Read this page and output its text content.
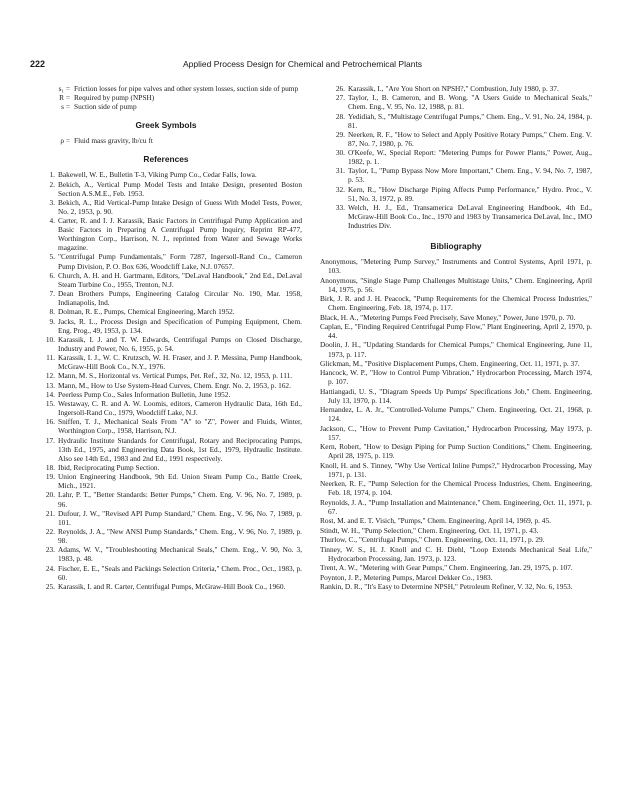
222	Applied Process Design for Chemical and Petrochemical Plants
s₁ = Friction losses for pipe valves and other system losses, suction side of pump
R = Required by pump (NPSH)
s = Suction side of pump
Greek Symbols
ρ = Fluid mass gravity, lb/cu ft
References
1. Bakewell, W. E., Bulletin T-3, Viking Pump Co., Cedar Falls, Iowa.
2. Bekich, A., Vertical Pump Model Tests and Intake Design, presented Boston Section A.S.M.E., Feb. 1953.
3. Bekich, A., Rid Vertical-Pump Intake Design of Guess With Model Tests, Power, No. 2, 1953, p. 90.
4. Carter, R. and I. J. Karassik, Basic Factors in Centrifugal Pump Application and Basic Factors in Preparing A Centrifugal Pump Inquiry, Reprint RP-477, Worthington Corp., Harrison, N. J., reprinted from Water and Sewage Works magazine.
5. "Centrifugal Pump Fundamentals," Form 7287, Ingersoll-Rand Co., Cameron Pump Division, P. O. Box 636, Woodcliff Lake, N.J. 07657.
6. Church, A. H. and H. Gartmann, Editors, "DeLaval Handbook," 2nd Ed., DeLaval Steam Turbine Co., 1955, Trenton, N.J.
7. Dean Brothers Pumps, Engineering Catalog Circular No. 190, Mar. 1958, Indianapolis, Ind.
8. Dolman, R. E., Pumps, Chemical Engineering, March 1952.
9. Jacks, R. L., Process Design and Specification of Pumping Equipment, Chem. Eng. Prog., 49, 1953, p. 134.
10. Karassik, I. J. and T. W. Edwards, Centrifugal Pumps on Closed Discharge, Industry and Power, No. 6, 1955, p. 54.
11. Karassik, I. J., W. C. Krutzsch, W. H. Fraser, and J. P. Messina, Pump Handbook, McGraw-Hill Book Co., N.Y., 1976.
12. Mann, M. S., Horizontal vs. Vertical Pumps, Pet. Ref., 32, No. 12, 1953, p. 111.
13. Mann, M., How to Use System-Head Curves, Chem. Engr. No. 2, 1953, p. 162.
14. Peerless Pump Co., Sales Information Bulletin, June 1952.
15. Westaway, C. R. and A. W. Loomis, editors, Cameron Hydraulic Data, 16th Ed., Ingersoll-Rand Co., 1979, Woodcliff Lake, N.J.
16. Sniffen, T. J., Mechanical Seals From "A" to "Z", Power and Fluids, Winter, Worthington Corp., 1958, Harrison, N.J.
17. Hydraulic Institute Standards for Centrifugal, Rotary and Reciprocating Pumps, 13th Ed., 1975, and Engineering Data Book, 1st Ed., 1979, Hydraulic Institute. Also see 14th Ed., 1983 and 2nd Ed., 1991 respectively.
18. Ibid, Reciprocating Pump Section.
19. Union Engineering Handbook, 9th Ed. Union Steam Pump Co., Battle Creek, Mich., 1921.
20. Lahr, P. T., "Better Standards: Better Pumps," Chem. Eng. V. 96, No. 7, 1989, p. 96.
21. Dufour, J. W., "Revised API Pump Standard," Chem. Eng., V. 96, No. 7, 1989, p. 101.
22. Reynolds, J. A., "New ANSI Pump Standards," Chem. Eng., V. 96, No. 7, 1989, p. 98.
23. Adams, W. V., "Troubleshooting Mechanical Seals," Chem. Eng., V. 90, No. 3, 1983, p. 48.
24. Fischer, E. E., "Seals and Packings Selection Criteria," Chem. Proc., Oct., 1983, p. 60.
25. Karassik, I. and R. Carter, Centrifugal Pumps, McGraw-Hill Book Co., 1960.
26. Karassik, I., "Are You Short on NPSH?," Combustion, July 1980, p. 37.
27. Taylor, I., B. Cameron, and B. Wong, "A Users Guide to Mechanical Seals," Chem. Eng., V. 95, No. 12, 1988, p. 81.
28. Yedidiah, S., "Multistage Centrifugal Pumps," Chem. Eng., V. 91, No. 24, 1984, p. 81.
29. Neerken, R. F., "How to Select and Apply Positive Rotary Pumps," Chem. Eng. V. 87, No. 7, 1980, p. 76.
30. O'Keefe, W., Special Report: "Metering Pumps for Power Plants," Power, Aug., 1982, p. 1.
31. Taylor, I., "Pump Bypass Now More Important," Chem. Eng., V. 94, No. 7, 1987, p. 53.
32. Kern, R., "How Discharge Piping Affects Pump Performance," Hydro. Proc., V. 51, No. 3, 1972, p. 89.
33. Welch, H. J., Ed., Transamerica DeLaval Engineering Handbook, 4th Ed., McGraw-Hill Book Co., Inc., 1970 and 1983 by Transamerica DeLaval, Inc., IMO Industries Div.
Bibliography

Anonymous, "Metering Pump Survey," Instruments and Control Systems, April 1971, p. 103.

Anonymous, "Single Stage Pump Challenges Multistage Units," Chem. Engineering, April 14, 1975, p. 56.

Birk, J. R. and J. H. Peacock, "Pump Requirements for the Chemical Process Industries," Chem. Engineering, Feb. 18, 1974, p. 117.

Black, H. A., "Metering Pumps Feed Precisely, Save Money," Power, June 1970, p. 70.

Caplan, E., "Finding Required Centrifugal Pump Flow," Plant Engineering, April 2, 1970, p. 44.

Doolin, J. H., "Updating Standards for Chemical Pumps," Chemical Engineering, June 11, 1973, p. 117.

Glickman, M., "Positive Displacement Pumps, Chem. Engineering, Oct. 11, 1971, p. 37.

Hancock, W. P., "How to Control Pump Vibration," Hydrocarbon Processing, March 1974, p. 107.

Hattiangadi, U. S., "Diagram Speeds Up Pumps' Specifications Job," Chem. Engineering, July 13, 1970, p. 114.

Hernandez, L. A. Jr., "Controlled-Volume Pumps," Chem. Engineering, Oct. 21, 1968, p. 124.

Jackson, C., "How to Prevent Pump Cavitation," Hydrocarbon Processing, May 1973, p. 157.

Kern, Robert, "How to Design Piping for Pump Suction Conditions," Chem. Engineering, April 28, 1975, p. 119.

Knoll, H. and S. Tinney, "Why Use Vertical Inline Pumps?," Hydrocarbon Processing, May 1971, p. 131.

Neerken, R. F., "Pump Selection for the Chemical Process Industries, Chem. Engineering, Feb. 18, 1974, p. 104.

Reynolds, J. A., "Pump Installation and Maintenance," Chem. Engineering, Oct. 11, 1971, p. 67.

Rost, M. and E. T. Visich, "Pumps," Chem. Engineering, April 14, 1969, p. 45.

Stindt, W. H., "Pump Selection," Chem. Engineering, Oct. 11, 1971, p. 43.

Thurlow, C., "Centrifugal Pumps," Chem. Engineering, Oct. 11, 1971, p. 29.

Tinney, W. S., H. J. Knoll and C. H. Diehl, "Loop Extends Mechanical Seal Life," Hydrocarbon Processing, Jan. 1973, p. 123.

Trent, A. W., "Metering with Gear Pumps," Chem. Engineering, Jan. 29, 1975, p. 107.

Poynton, J. P., Metering Pumps, Marcel Dekker Co., 1983.

Rankin, D. R., "It's Easy to Determine NPSH," Petroleum Refiner, V. 32, No. 6, 1953.
